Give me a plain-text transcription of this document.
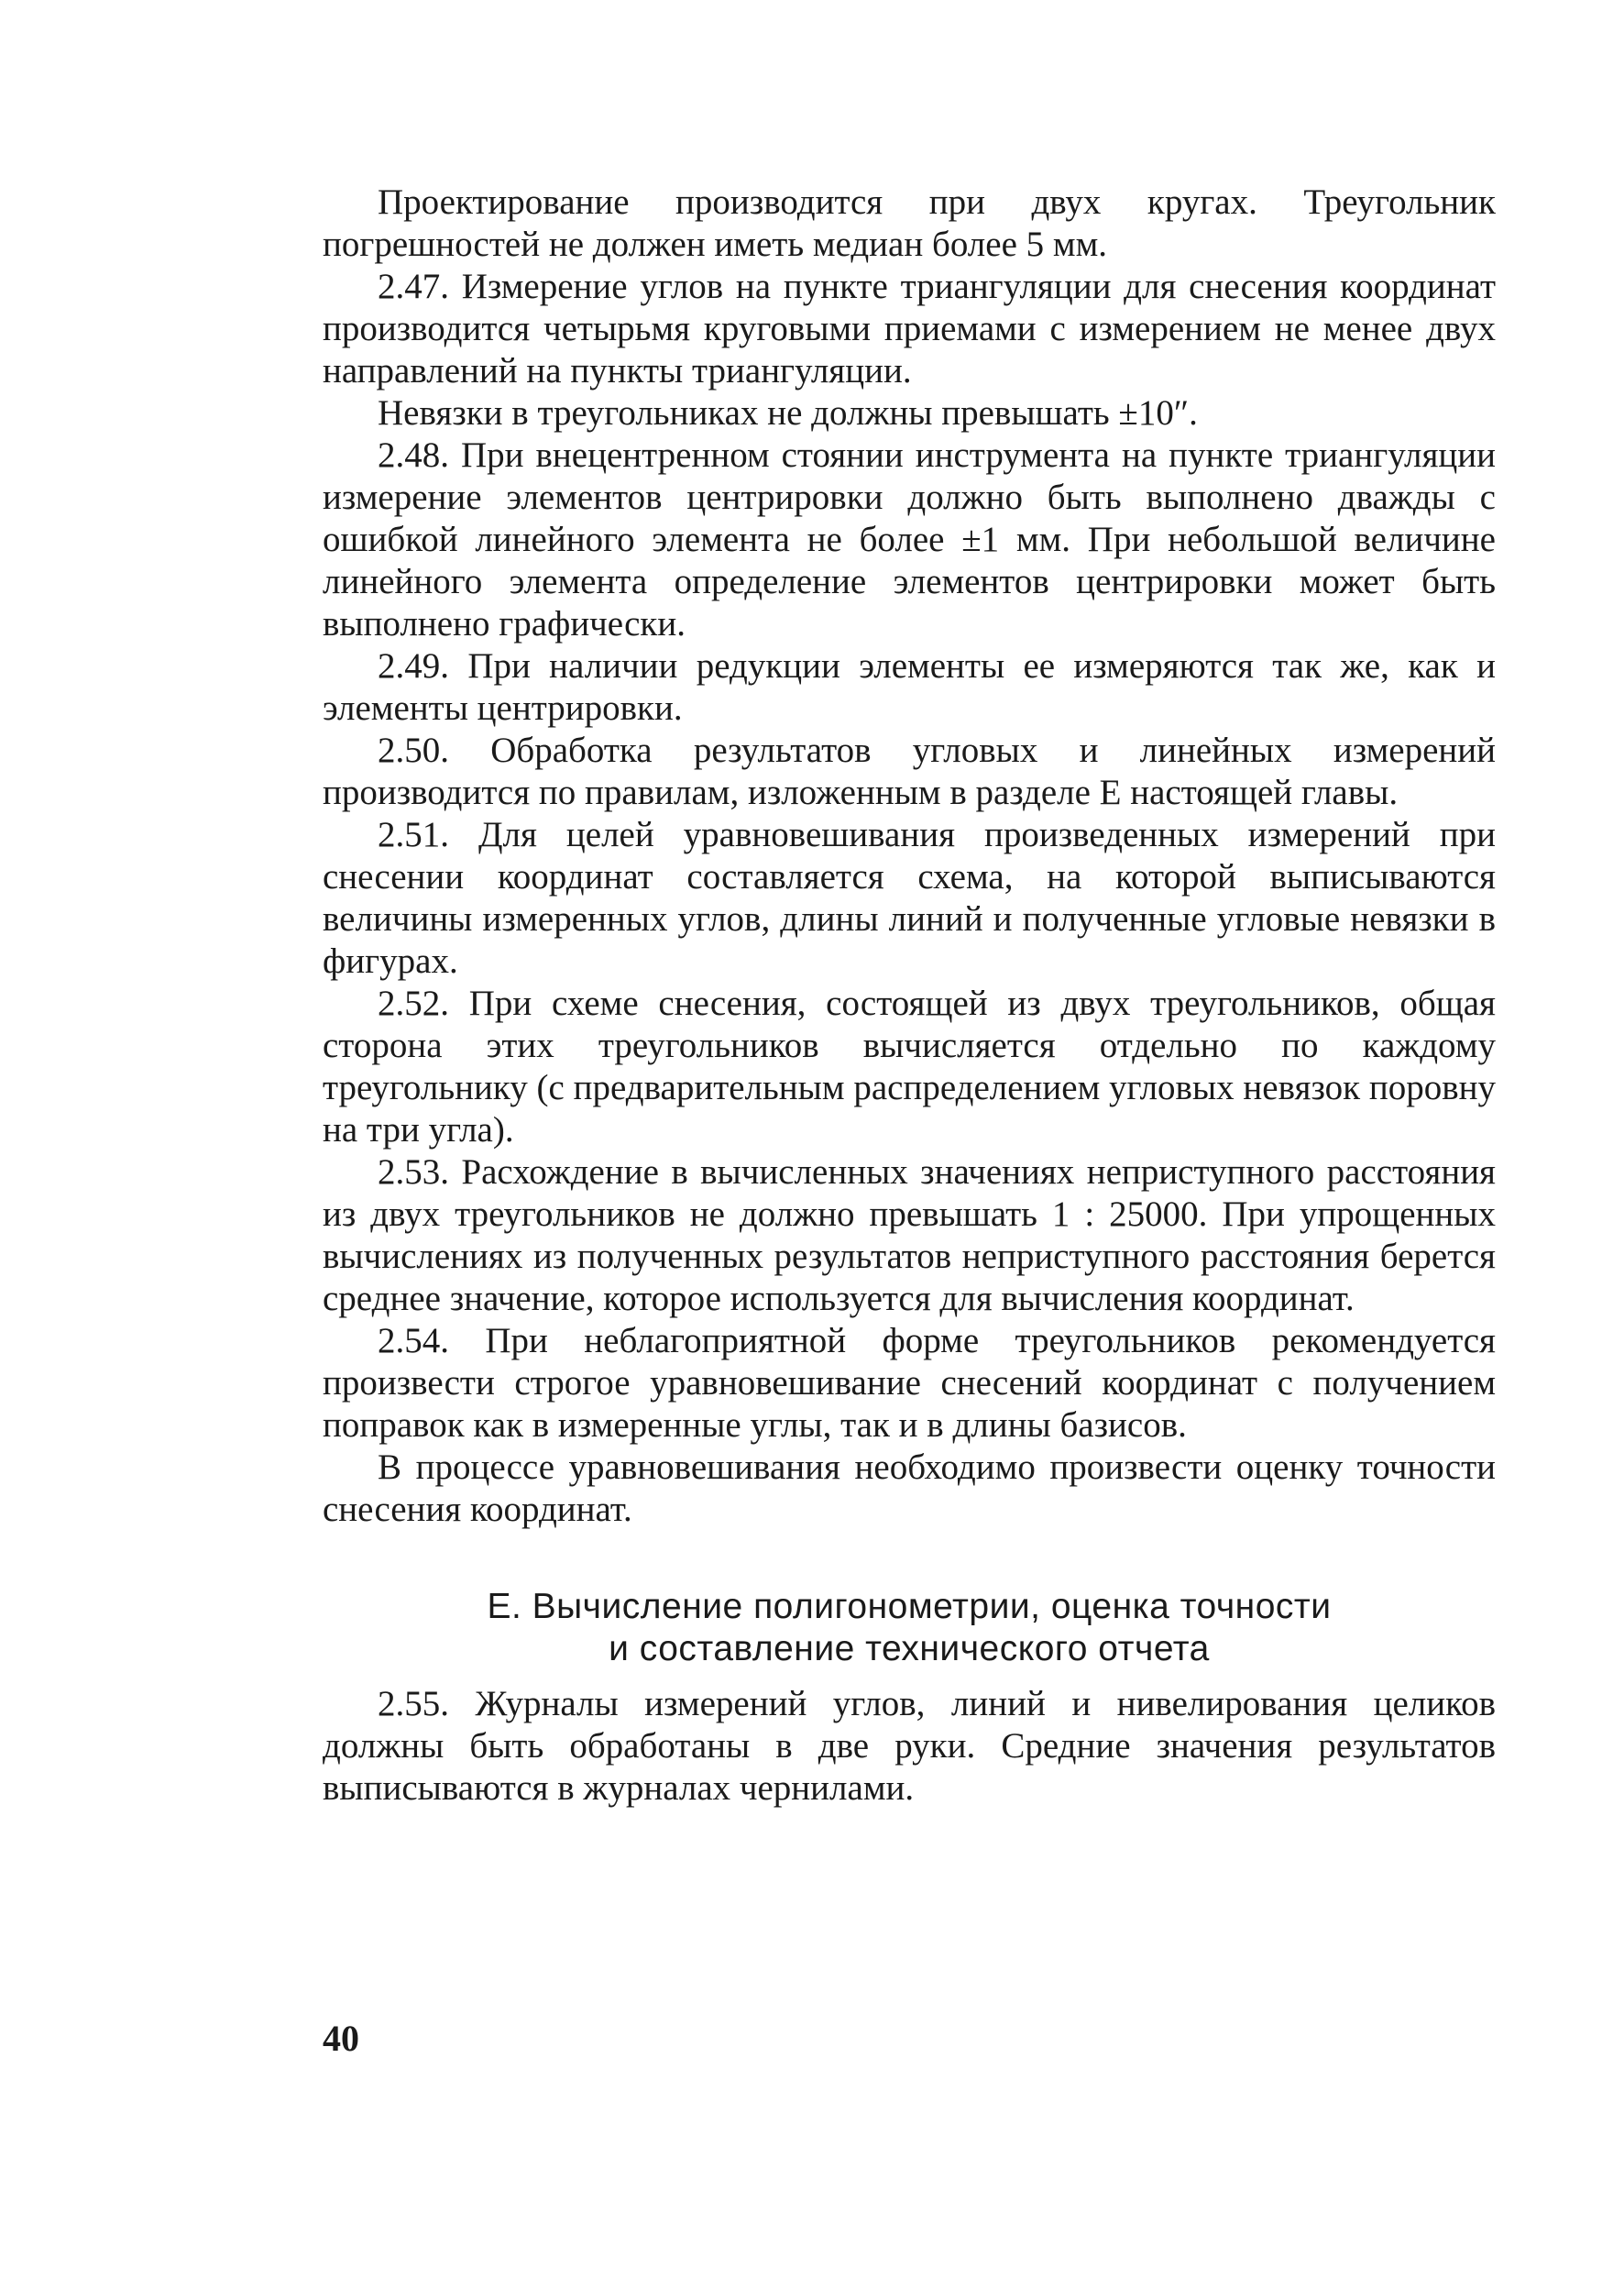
Проектирование производится при двух кругах. Треугольник погрешностей не должен иметь медиан более 5 мм.

2.47. Измерение углов на пункте триангуляции для снесения координат производится четырьмя круговыми приемами с измерением не менее двух направлений на пункты триангуляции.

Невязки в треугольниках не должны превышать ±10″.

2.48. При внецентренном стоянии инструмента на пункте триангуляции измерение элементов центрировки должно быть выполнено дважды с ошибкой линейного элемента не более ±1 мм. При небольшой величине линейного элемента определение элементов центрировки может быть выполнено графически.

2.49. При наличии редукции элементы ее измеряются так же, как и элементы центрировки.

2.50. Обработка результатов угловых и линейных измерений производится по правилам, изложенным в разделе Е настоящей главы.

2.51. Для целей уравновешивания произведенных измерений при снесении координат составляется схема, на которой выписываются величины измеренных углов, длины линий и полученные угловые невязки в фигурах.

2.52. При схеме снесения, состоящей из двух треугольников, общая сторона этих треугольников вычисляется отдельно по каждому треугольнику (с предварительным распределением угловых невязок поровну на три угла).

2.53. Расхождение в вычисленных значениях неприступного расстояния из двух треугольников не должно превышать 1 : 25000. При упрощенных вычислениях из полученных результатов неприступного расстояния берется среднее значение, которое используется для вычисления координат.

2.54. При неблагоприятной форме треугольников рекомендуется произвести строгое уравновешивание снесений координат с получением поправок как в измеренные углы, так и в длины базисов.

В процессе уравновешивания необходимо произвести оценку точности снесения координат.

Е. Вычисление полигонометрии, оценка точности
и составление технического отчета

2.55. Журналы измерений углов, линий и нивелирования целиков должны быть обработаны в две руки. Средние значения результатов выписываются в журналах чернилами.

40
